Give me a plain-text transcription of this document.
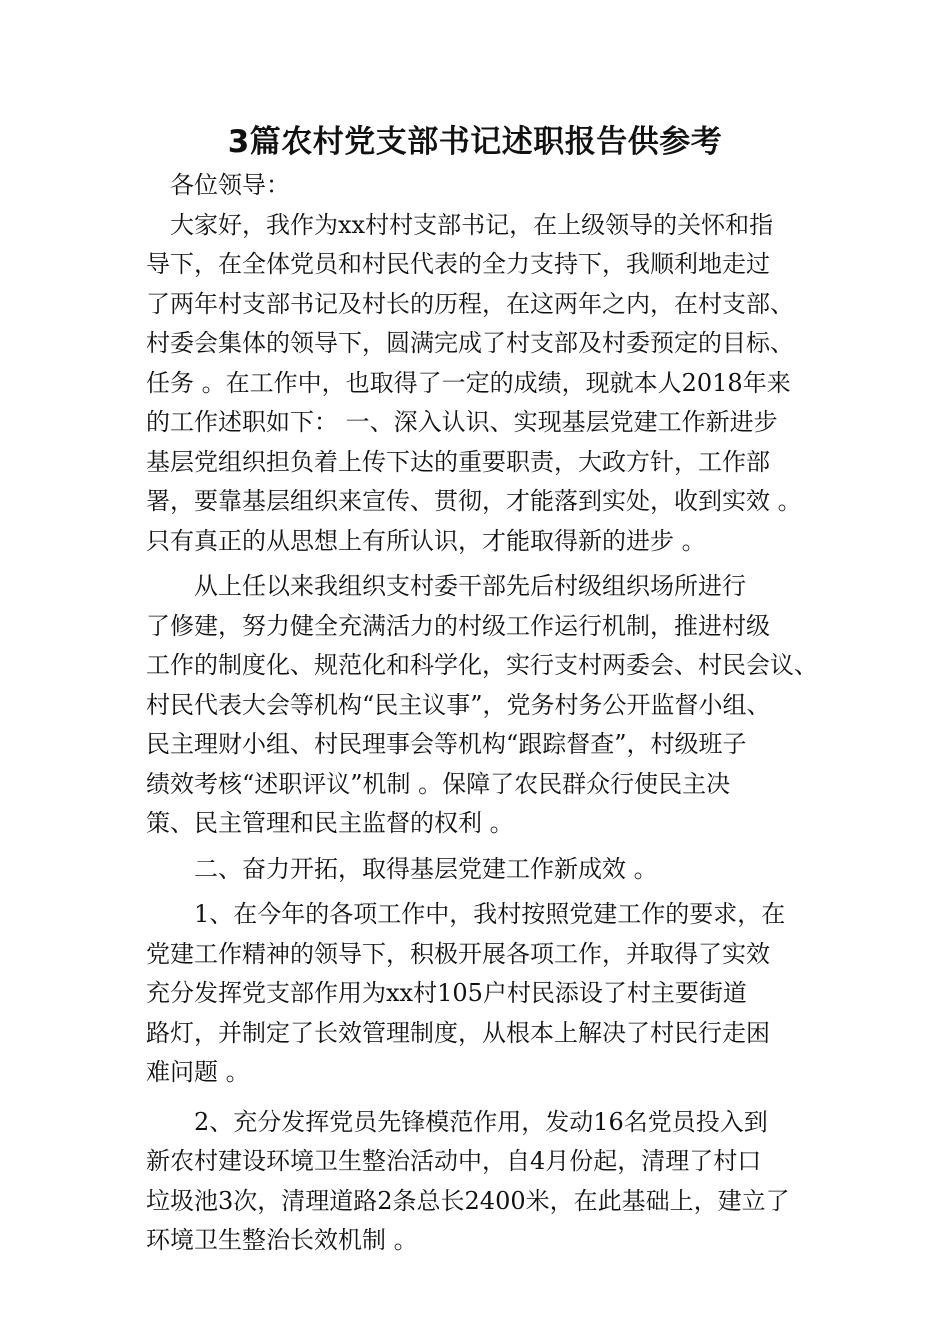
3篇农村党支部书记述职报告供参考
　各位领导：
　大家好，我作为xx村村支部书记，在上级领导的关怀和指
导下，在全体党员和村民代表的全力支持下，我顺利地走过
了两年村支部书记及村长的历程，在这两年之内，在村支部、
村委会集体的领导下，圆满完成了村支部及村委预定的目标、
任务 。在工作中，也取得了一定的成绩，现就本人2018年来
的工作述职如下： 一、深入认识、实现基层党建工作新进步
基层党组织担负着上传下达的重要职责，大政方针，工作部
署，要靠基层组织来宣传、贯彻，才能落到实处，收到实效 。
只有真正的从思想上有所认识，才能取得新的进步 。
　　从上任以来我组织支村委干部先后村级组织场所进行
了修建，努力健全充满活力的村级工作运行机制，推进村级
工作的制度化、规范化和科学化，实行支村两委会、村民会议、
村民代表大会等机构“民主议事”，党务村务公开监督小组、
民主理财小组、村民理事会等机构“跟踪督查”，村级班子
绩效考核“述职评议”机制 。保障了农民群众行使民主决
策、民主管理和民主监督的权利 。
　　二、奋力开拓，取得基层党建工作新成效 。
　　1、在今年的各项工作中，我村按照党建工作的要求，在
党建工作精神的领导下，积极开展各项工作，并取得了实效
充分发挥党支部作用为xx村105户村民添设了村主要街道
路灯，并制定了长效管理制度，从根本上解决了村民行走困
难问题 。
　　2、充分发挥党员先锋模范作用，发动16名党员投入到
新农村建设环境卫生整治活动中，自4月份起，清理了村口
垃圾池3次，清理道路2条总长2400米，在此基础上，建立了
环境卫生整治长效机制 。
